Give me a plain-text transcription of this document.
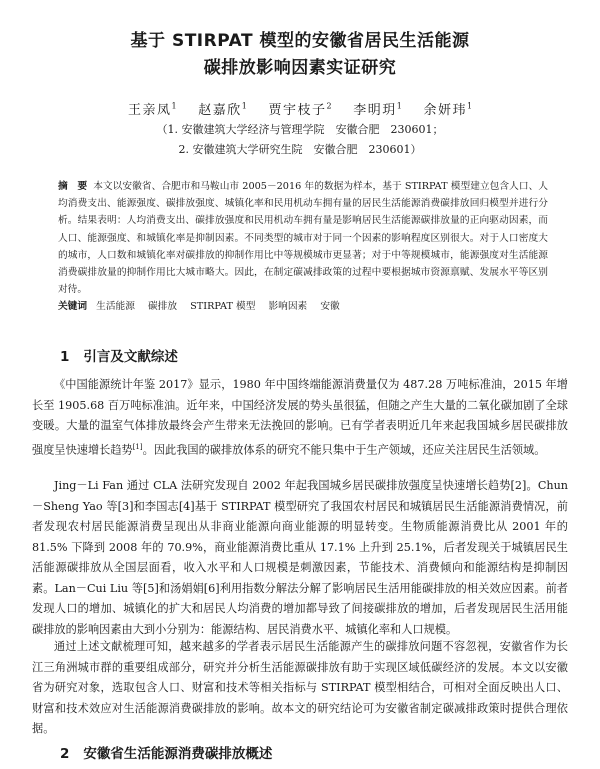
基于 STIRPAT 模型的安徽省居民生活能源
碳排放影响因素实证研究
王亲凤$^1$ 赵嘉欣$^1$ 贾宇枝子$^2$ 李明玥$^1$ 余妍玮$^1$
（1. 安徽建筑大学经济与管理学院　安徽合肥　230601；
2. 安徽建筑大学研究生院　安徽合肥　230601）
摘　要 本文以安徽省、合肥市和马鞍山市 2005－2016 年的数据为样本，基于 STIRPAT 模型建立包含人口、人均消费支出、能源强度、碳排放强度、城镇化率和民用机动车拥有量的居民生活能源消费碳排放回归模型并进行分析。结果表明：人均消费支出、碳排放强度和民用机动车拥有量是影响居民生活能源碳排放量的正向驱动因素，而人口、能源强度、和城镇化率是抑制因素。不同类型的城市对于同一个因素的影响程度区别很大。对于人口密度大的城市，人口数和城镇化率对碳排放的抑制作用比中等规模城市更显著；对于中等规模城市，能源强度对生活能源消费碳排放量的抑制作用比大城市略大。因此，在制定碳减排政策的过程中要根据城市资源禀赋、发展水平等区别对待。
关键词 生活能源 碳排放 STIRPAT 模型 影响因素 安徽
1 引言及文献综述

《中国能源统计年鉴 2017》显示，1980 年中国终端能源消费量仅为 487.28 万吨标准油，2015 年增长至 1905.68 百万吨标准油。近年来，中国经济发展的势头虽很猛，但随之产生大量的二氧化碳加剧了全球变暖。大量的温室气体排放最终会产生带来无法挽回的影响。已有学者表明近几年来起我国城乡居民碳排放强度呈快速增长趋势[1]。因此我国的碳排放体系的研究不能只集中于生产领域，还应关注居民生活领域。

Jing－Li Fan 通过 CLA 法研究发现自 2002 年起我国城乡居民碳排放强度呈快速增长趋势[2]。Chun－Sheng Yao 等[3]和李国志[4]基于 STIRPAT 模型研究了我国农村居民和城镇居民生活能源消费情况，前者发现农村居民能源消费呈现出从非商业能源向商业能源的明显转变。生物质能源消费比从 2001 年的 81.5% 下降到 2008 年的 70.9%，商业能源消费比重从 17.1% 上升到 25.1%，后者发现关于城镇居民生活能源碳排放从全国层面看，收入水平和人口规模是刺激因素，节能技术、消费倾向和能源结构是抑制因素。Lan－Cui Liu 等[5]和汤娟娟[6]利用指数分解法分解了影响居民生活用能碳排放的相关效应因素。前者发现人口的增加、城镇化的扩大和居民人均消费的增加都导致了间接碳排放的增加，后者发现居民生活用能碳排放的影响因素由大到小分别为：能源结构、居民消费水平、城镇化率和人口规模。

通过上述文献梳理可知，越来越多的学者表示居民生活能源产生的碳排放问题不容忽视，安徽省作为长江三角洲城市群的重要组成部分，研究并分析生活能源碳排放有助于实现区域低碳经济的发展。本文以安徽省为研究对象，选取包含人口、财富和技术等相关指标与 STIRPAT 模型相结合，可相对全面反映出人口、财富和技术效应对生活能源消费碳排放的影响。故本文的研究结论可为安徽省制定碳减排政策时提供合理依据。

2 安徽省生活能源消费碳排放概述
